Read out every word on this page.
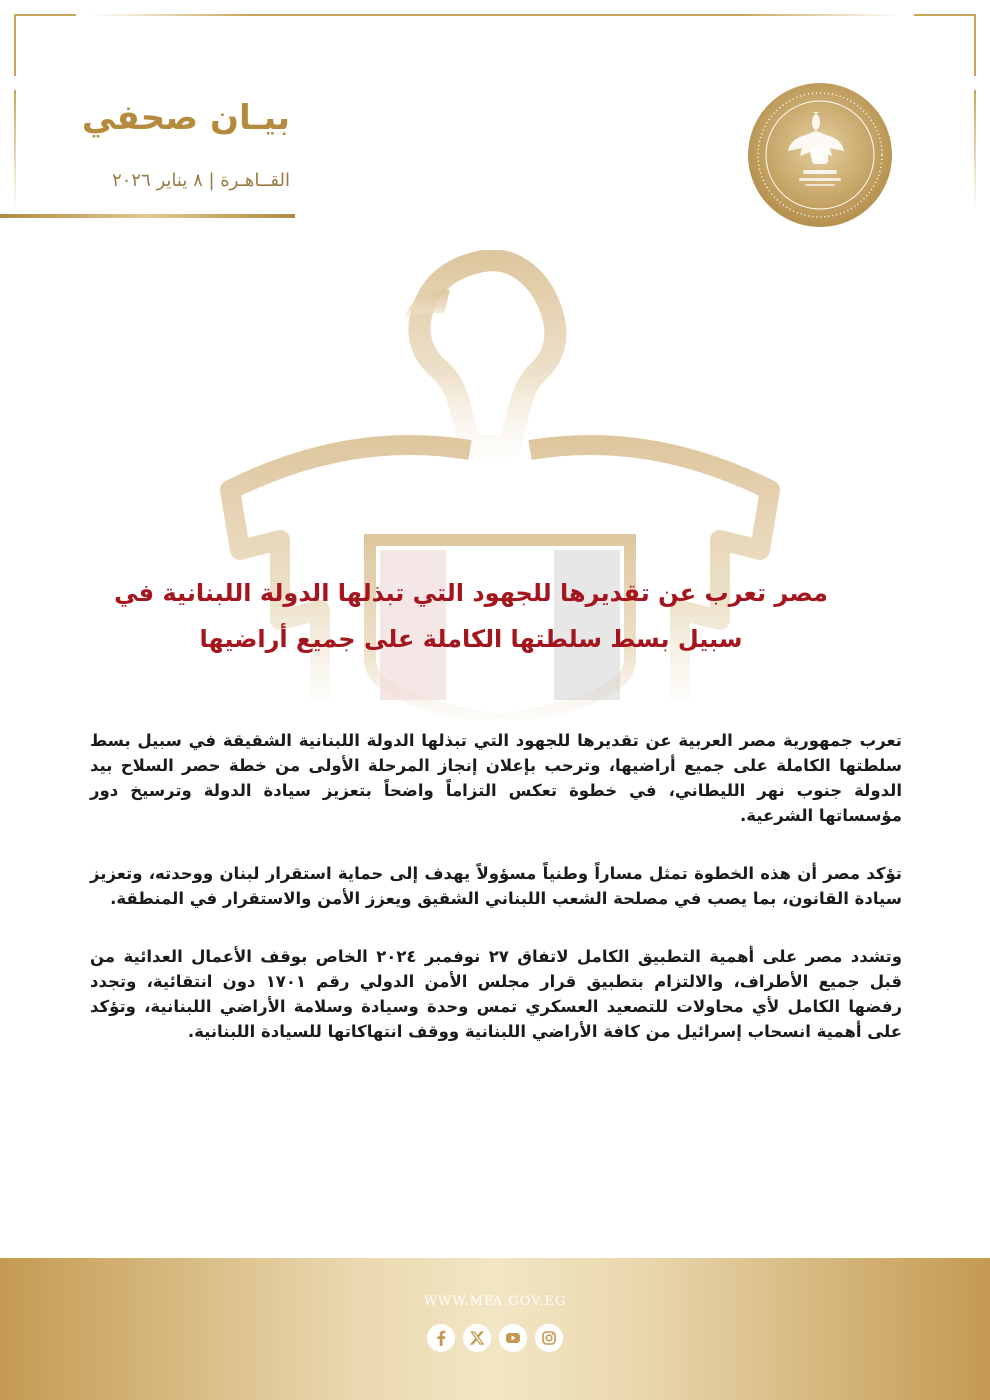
بيـان صحفي
القــاهـرة | ٨ يناير ٢٠٢٦
مصر تعرب عن تقديرها للجهود التي تبذلها الدولة اللبنانية في
سبيل بسط سلطتها الكاملة على جميع أراضيها

تعرب جمهورية مصر العربية عن تقديرها للجهود التي تبذلها الدولة اللبنانية الشقيقة في سبيل بسط سلطتها الكاملة على جميع أراضيها، وترحب بإعلان إنجاز المرحلة الأولى من خطة حصر السلاح بيد الدولة جنوب نهر الليطاني، في خطوة تعكس التزاماً واضحاً بتعزيز سيادة الدولة وترسيخ دور مؤسساتها الشرعية.

تؤكد مصر أن هذه الخطوة تمثل مساراً وطنياً مسؤولاً يهدف إلى حماية استقرار لبنان ووحدته، وتعزيز سيادة القانون، بما يصب في مصلحة الشعب اللبناني الشقيق ويعزز الأمن والاستقرار في المنطقة.

وتشدد مصر على أهمية التطبيق الكامل لاتفاق ٢٧ نوفمبر ٢٠٢٤ الخاص بوقف الأعمال العدائية من قبل جميع الأطراف، والالتزام بتطبيق قرار مجلس الأمن الدولي رقم ١٧٠١ دون انتقائية، وتجدد رفضها الكامل لأي محاولات للتصعيد العسكري تمس وحدة وسيادة وسلامة الأراضي اللبنانية، وتؤكد على أهمية انسحاب إسرائيل من كافة الأراضي اللبنانية ووقف انتهاكاتها للسيادة اللبنانية.

WWW.MFA.GOV.EG
